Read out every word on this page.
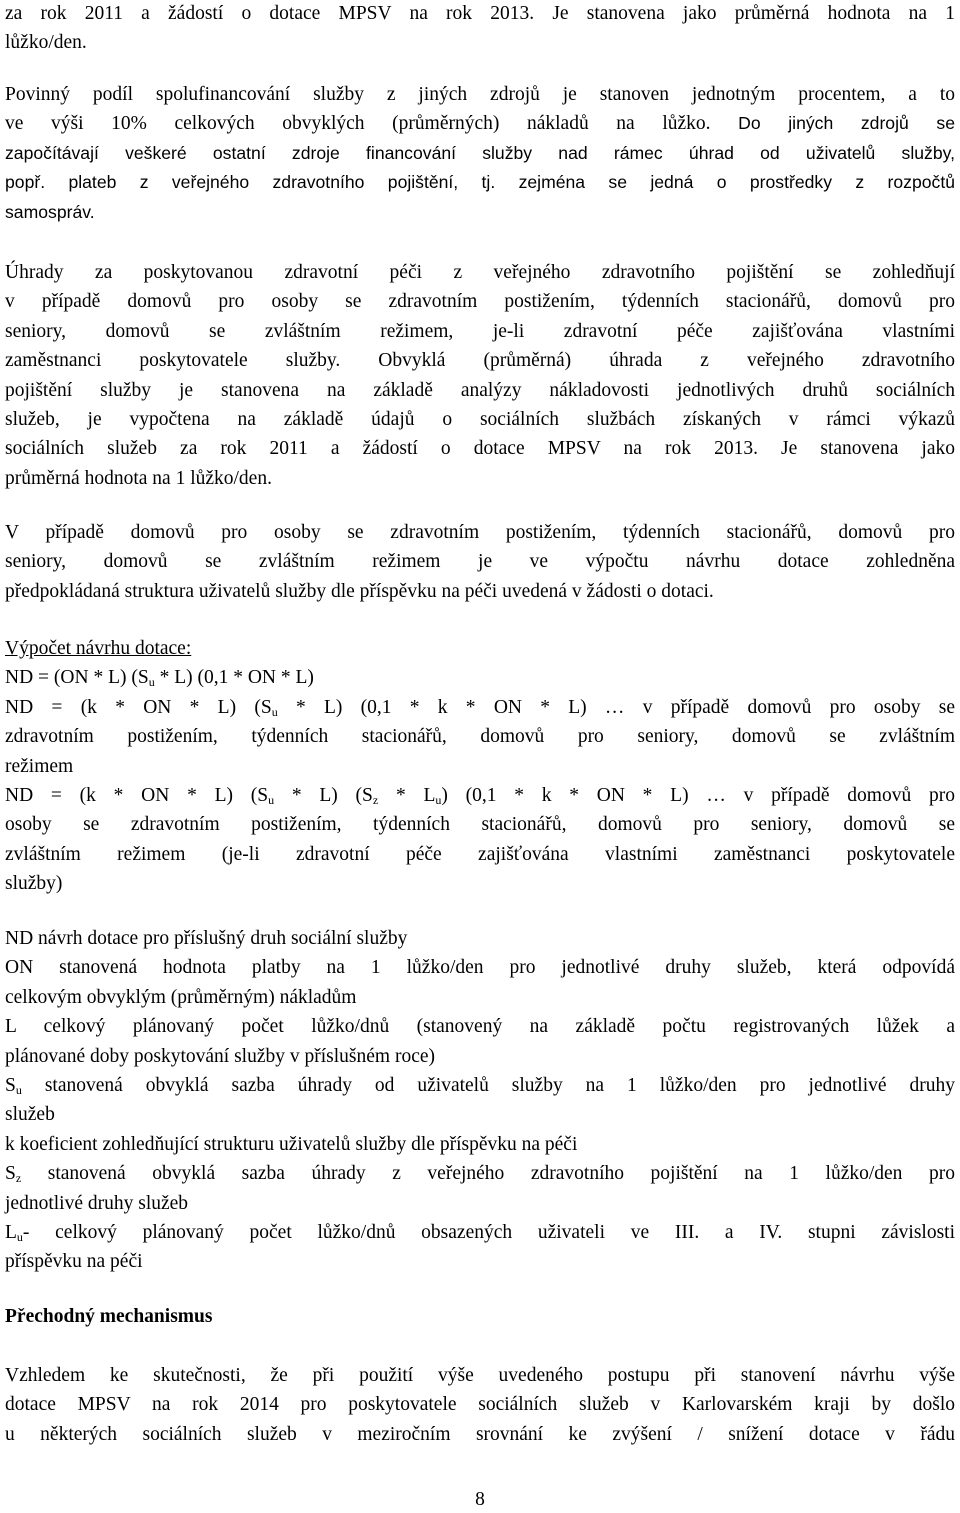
za rok 2011 a žádostí o dotace MPSV na rok 2013. Je stanovena jako průměrná hodnota na 1
lůžko/den.
Povinný podíl spolufinancování služby z jiných zdrojů je stanoven jednotným procentem, a to
ve výši 10% celkových obvyklých (průměrných) nákladů na lůžko. Do jiných zdrojů se
započítávají veškeré ostatní zdroje financování služby nad rámec úhrad od uživatelů služby,
popř. plateb z veřejného zdravotního pojištění, tj. zejména se jedná o prostředky z rozpočtů
samospráv.
Úhrady za poskytovanou zdravotní péči z veřejného zdravotního pojištění se zohledňují
v případě domovů pro osoby se zdravotním postižením, týdenních stacionářů, domovů pro
seniory, domovů se zvláštním režimem, je-li zdravotní péče zajišťována vlastními
zaměstnanci poskytovatele služby. Obvyklá (průměrná) úhrada z veřejného zdravotního
pojištění služby je stanovena na základě analýzy nákladovosti jednotlivých druhů sociálních
služeb, je vypočtena na základě údajů o sociálních službách získaných v rámci výkazů
sociálních služeb za rok 2011 a žádostí o dotace MPSV na rok 2013. Je stanovena jako
průměrná hodnota na 1 lůžko/den.
V případě domovů pro osoby se zdravotním postižením, týdenních stacionářů, domovů pro
seniory, domovů se zvláštním režimem je ve výpočtu návrhu dotace zohledněna
předpokládaná struktura uživatelů služby dle příspěvku na péči uvedená v žádosti o dotaci.
Výpočet návrhu dotace:
ND = (ON * L) $(S_u * L)$ (0,1 * ON * L)
ND = (k * ON * L) $(S_u * L)$ (0,1 * k * ON * L) … v případě domovů pro osoby se
zdravotním postižením, týdenních stacionářů, domovů pro seniory, domovů se zvláštním
režimem
ND = (k * ON * L) $(S_u * L)$ $(S_z * L_u)$ (0,1 * k * ON * L) … v případě domovů pro
osoby se zdravotním postižením, týdenních stacionářů, domovů pro seniory, domovů se
zvláštním režimem (je-li zdravotní péče zajišťována vlastními zaměstnanci poskytovatele
služby)
ND návrh dotace pro příslušný druh sociální služby
ON stanovená hodnota platby na 1 lůžko/den pro jednotlivé druhy služeb, která odpovídá
celkovým obvyklým (průměrným) nákladům
L celkový plánovaný počet lůžko/dnů (stanovený na základě počtu registrovaných lůžek a
plánované doby poskytování služby v příslušném roce)
$S_u$ stanovená obvyklá sazba úhrady od uživatelů služby na 1 lůžko/den pro jednotlivé druhy
služeb
k koeficient zohledňující strukturu uživatelů služby dle příspěvku na péči
$S_z$ stanovená obvyklá sazba úhrady z veřejného zdravotního pojištění na 1 lůžko/den pro
jednotlivé druhy služeb
$L_u-$ celkový plánovaný počet lůžko/dnů obsazených uživateli ve III. a IV. stupni závislosti
příspěvku na péči
Přechodný mechanismus
Vzhledem ke skutečnosti, že při použití výše uvedeného postupu při stanovení návrhu výše
dotace MPSV na rok 2014 pro poskytovatele sociálních služeb v Karlovarském kraji by došlo
u některých sociálních služeb v meziročním srovnání ke zvýšení / snížení dotace v řádu
8
